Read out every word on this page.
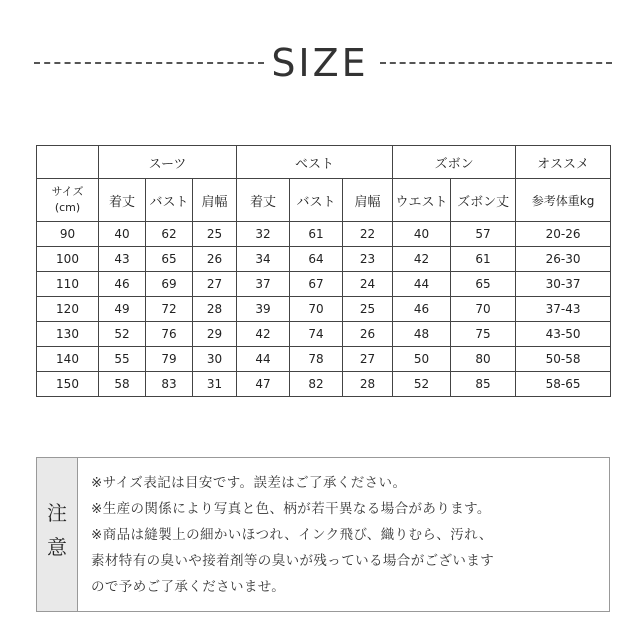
SIZE
	スーツ			ベスト			ズボン		オススメ
サイズ
(cm)	着丈	バスト	肩幅	着丈	バスト	肩幅	ウエスト	ズボン丈	参考体重kg
90	40	62	25	32	61	22	40	57	20-26
100	43	65	26	34	64	23	42	61	26-30
110	46	69	27	37	67	24	44	65	30-37
120	49	72	28	39	70	25	46	70	37-43
130	52	76	29	42	74	26	48	75	43-50
140	55	79	30	44	78	27	50	80	50-58
150	58	83	31	47	82	28	52	85	58-65
注
意
※サイズ表記は目安です。誤差はご了承ください。
※生産の関係により写真と色、柄が若干異なる場合があります。
※商品は縫製上の細かいほつれ、インク飛び、織りむら、汚れ、
素材特有の臭いや接着剤等の臭いが残っている場合がございます
ので予めご了承くださいませ。
